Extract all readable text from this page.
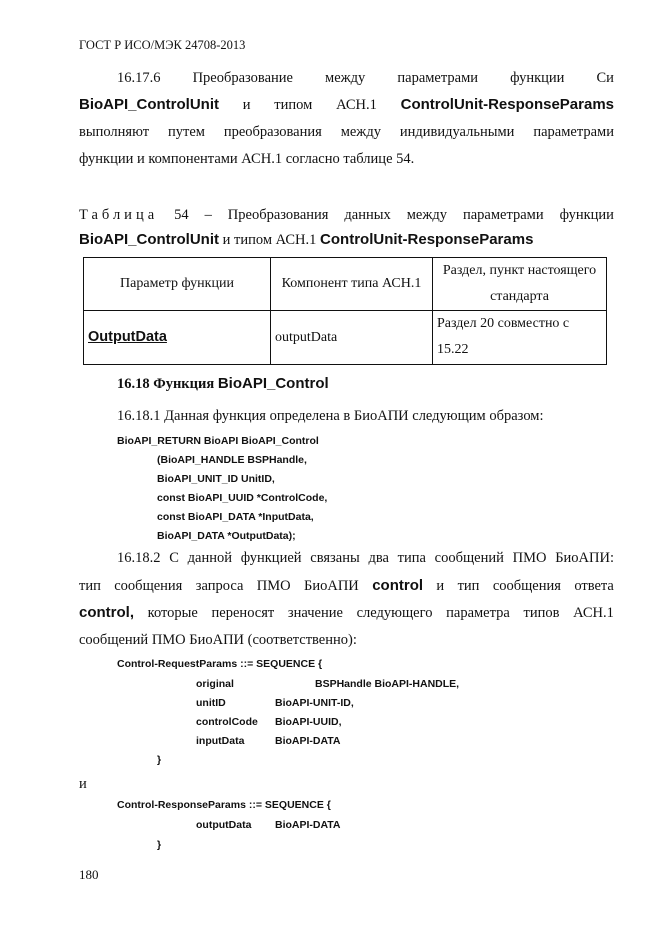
ГОСТ Р ИСО/МЭК 24708-2013
16.17.6 Преобразование между параметрами функции Си
BioAPI_ControlUnit и типом АСН.1 ControlUnit-ResponseParams
выполняют путем преобразования между индивидуальными параметрами
функции и компонентами АСН.1 согласно таблице 54.
Таблица 54 – Преобразования данных между параметрами функции
BioAPI_ControlUnit и типом АСН.1 ControlUnit-ResponseParams
Параметр функции	Компонент типа АСН.1	Раздел, пункт настоящего стандарта
OutputData	outputData	Раздел 20 совместно с 15.22
16.18 Функция BioAPI_Control
16.18.1 Данная функция определена в БиоАПИ следующим образом:
BioAPI_RETURN BioAPI BioAPI_Control
(BioAPI_HANDLE BSPHandle,
BioAPI_UNIT_ID UnitID,
const BioAPI_UUID *ControlCode,
const BioAPI_DATA *InputData,
BioAPI_DATA *OutputData);
16.18.2 С данной функцией связаны два типа сообщений ПМО БиоАПИ:
тип сообщения запроса ПМО БиоАПИ control и тип сообщения ответа
control, которые переносят значение следующего параметра типов АСН.1
сообщений ПМО БиоАПИ (соответственно):
Control-RequestParams ::= SEQUENCE {
original	BSPHandle BioAPI-HANDLE,
unitID	BioAPI-UNIT-ID,
controlCode BioAPI-UUID,
inputData	BioAPI-DATA
}
и
Control-ResponseParams ::= SEQUENCE {
outputData BioAPI-DATA
}
180
